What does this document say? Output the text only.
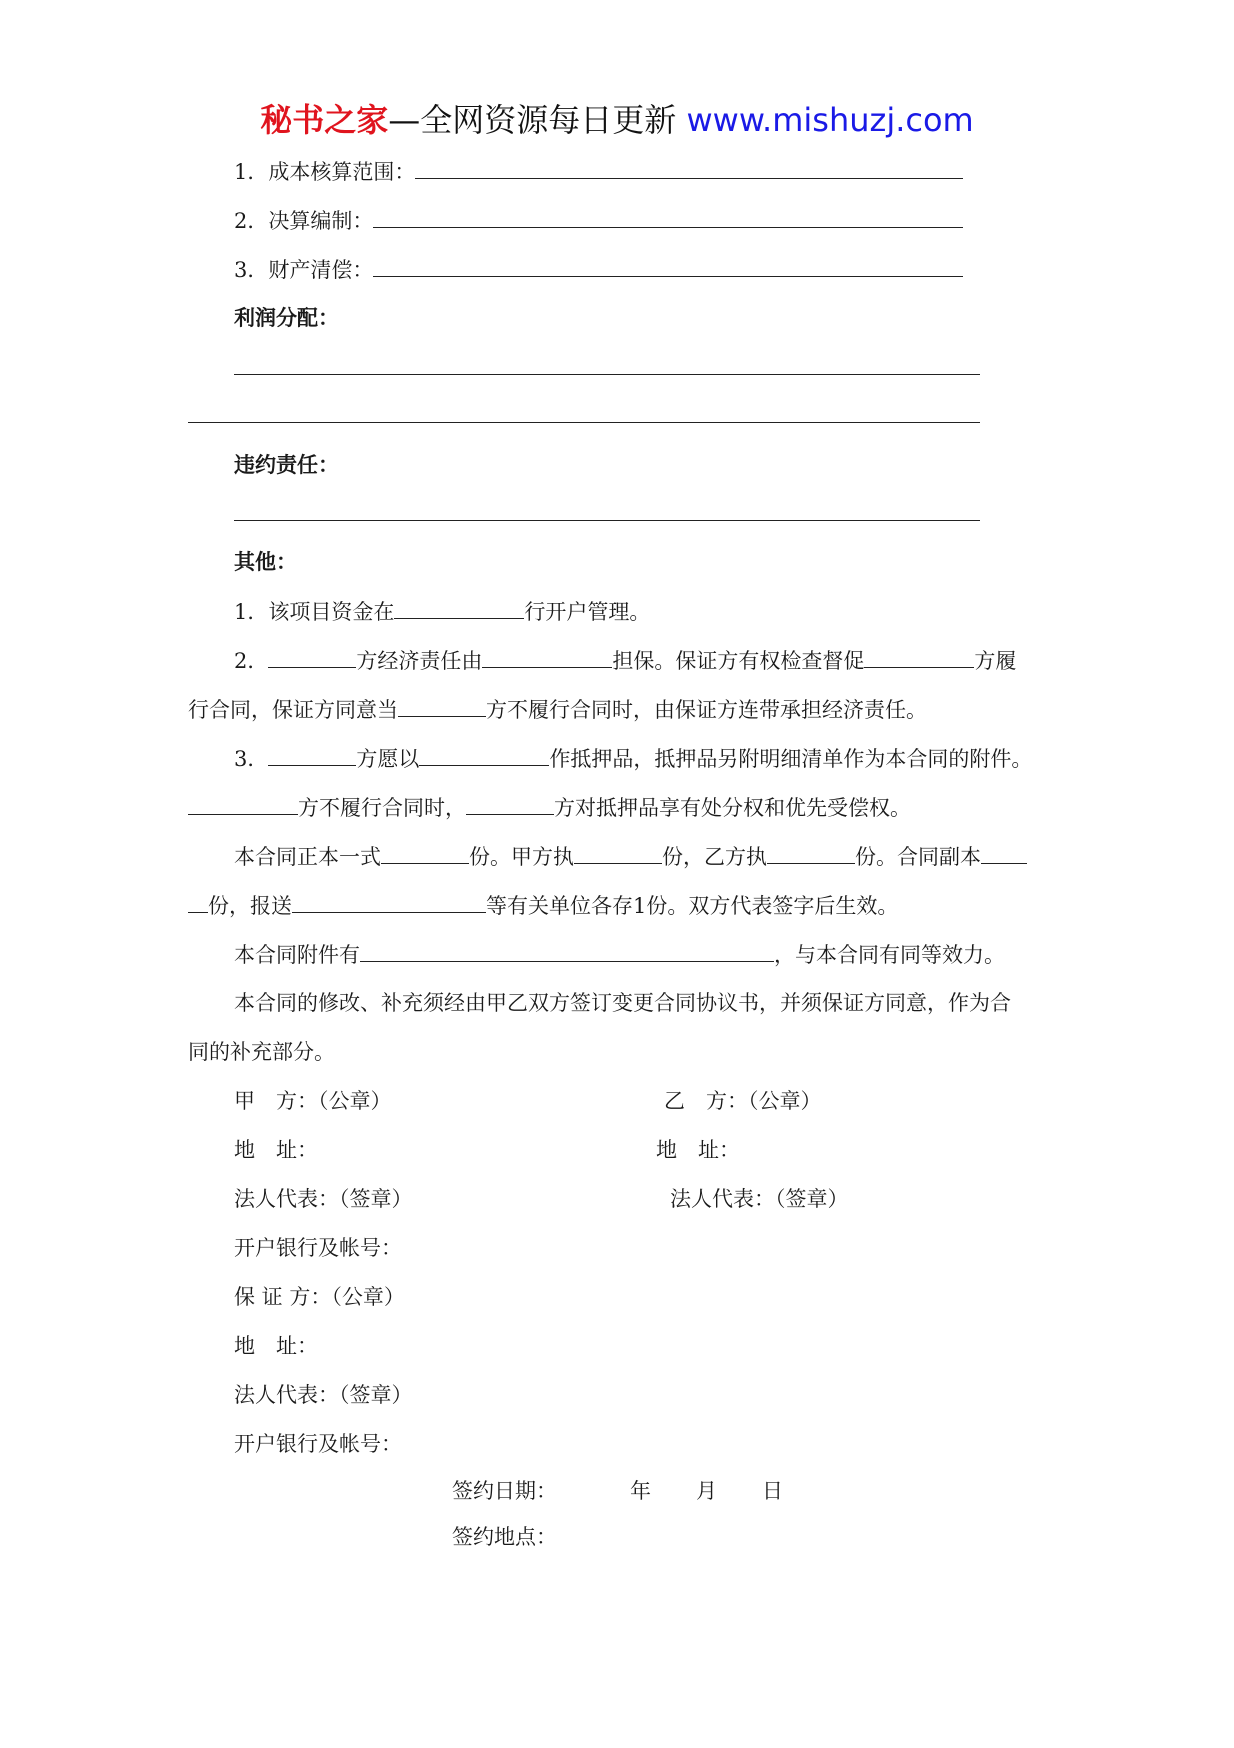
秘书之家—全网资源每日更新 www.mishuzj.com
1．成本核算范围：
2．决算编制：
3．财产清偿：
利润分配：
违约责任：
其他：
1．该项目资金在	行开户管理。
2．	方经济责任由	担保。保证方有权检查督促	方履
行合同，保证方同意当	方不履行合同时，由保证方连带承担经济责任。
3．	方愿以	作抵押品，抵押品另附明细清单作为本合同的附件。
方不履行合同时，	方对抵押品享有处分权和优先受偿权。
本合同正本一式	份。甲方执	份，乙方执	份。合同副本
份，报送	等有关单位各存1份。双方代表签字后生效。
本合同附件有	，与本合同有同等效力。
本合同的修改、补充须经由甲乙双方签订变更合同协议书，并须保证方同意，作为合
同的补充部分。
甲　方：（公章）	乙　方：（公章）
地　址：	地　址：
法人代表：（签章）	法人代表：（签章）
开户银行及帐号：
保 证 方：（公章）
地　址：
法人代表：（签章）
开户银行及帐号：
签约日期：	年 月 日
签约地点：
